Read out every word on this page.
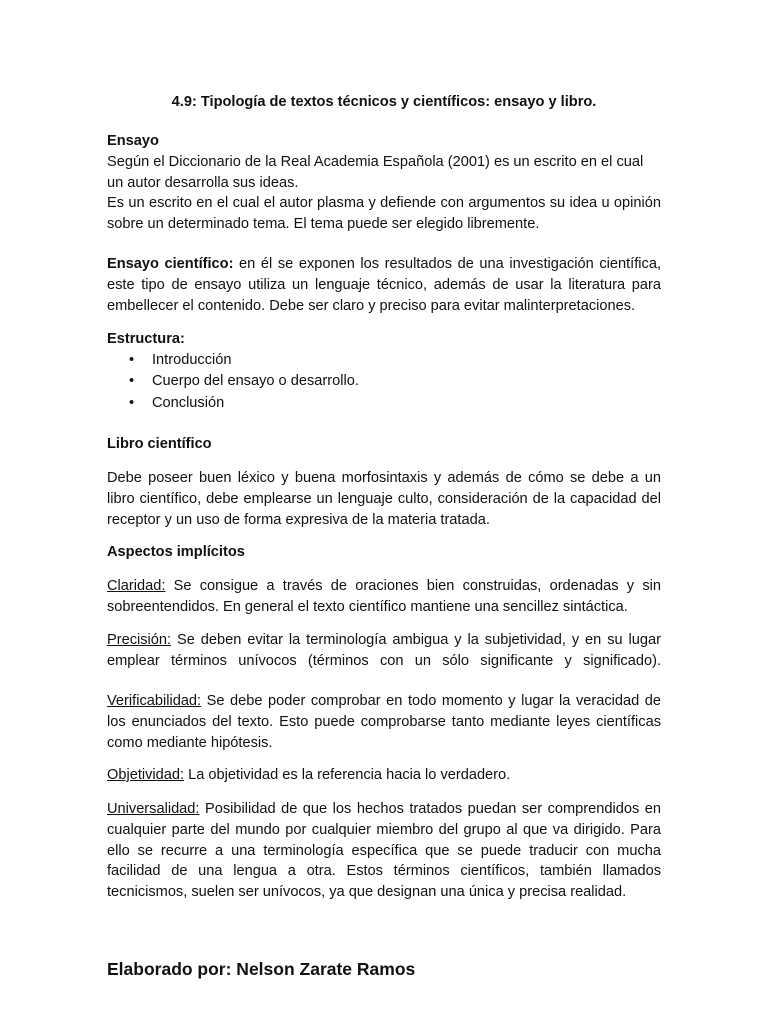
4.9: Tipología de textos técnicos y científicos: ensayo y libro.
Ensayo
Según el Diccionario de la Real Academia Española (2001) es un escrito en el cual
un autor desarrolla sus ideas.

Es un escrito en el cual el autor plasma y defiende con argumentos su idea u opinión sobre un determinado tema. El tema puede ser elegido libremente.

Ensayo científico: en él se exponen los resultados de una investigación científica, este tipo de ensayo utiliza un lenguaje técnico, además de usar la literatura para embellecer el contenido. Debe ser claro y preciso para evitar malinterpretaciones.

Estructura:
• Introducción
• Cuerpo del ensayo o desarrollo.
• Conclusión
Libro científico

Debe poseer buen léxico y buena morfosintaxis y además de cómo se debe a un libro científico, debe emplearse un lenguaje culto, consideración de la capacidad del receptor y un uso de forma expresiva de la materia tratada.

Aspectos implícitos

Claridad: Se consigue a través de oraciones bien construidas, ordenadas y sin sobreentendidos. En general el texto científico mantiene una sencillez sintáctica.

Precisión: Se deben evitar la terminología ambigua y la subjetividad, y en su lugar emplear términos unívocos (términos con un sólo significante y significado).

Verificabilidad: Se debe poder comprobar en todo momento y lugar la veracidad de los enunciados del texto. Esto puede comprobarse tanto mediante leyes científicas como mediante hipótesis.

Objetividad: La objetividad es la referencia hacia lo verdadero.

Universalidad: Posibilidad de que los hechos tratados puedan ser comprendidos en cualquier parte del mundo por cualquier miembro del grupo al que va dirigido. Para ello se recurre a una terminología específica que se puede traducir con mucha facilidad de una lengua a otra. Estos términos científicos, también llamados tecnicismos, suelen ser unívocos, ya que designan una única y precisa realidad.

Elaborado por: Nelson Zarate Ramos
